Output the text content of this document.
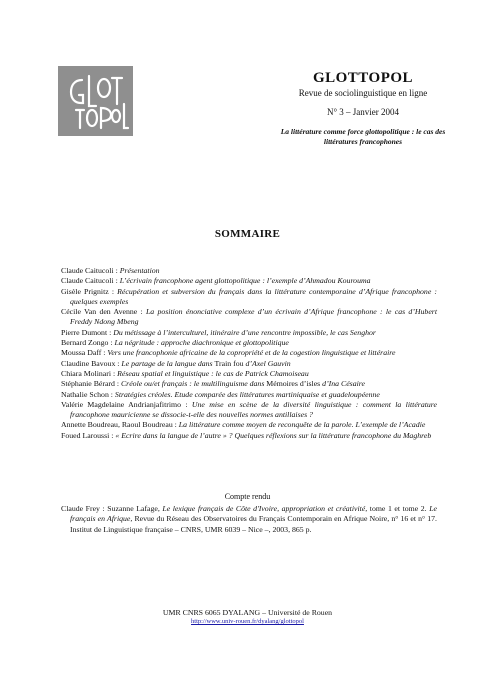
GLOTTOPOL
Revue de sociolinguistique en ligne
N° 3 – Janvier 2004
La littérature comme force glottopolitique : le cas des littératures francophones
SOMMAIRE
Claude Caitucoli : Présentation
Claude Caitucoli : L’écrivain francophone agent glottopolitique : l’exemple d’Ahmadou Kourouma
Gisèle Prignitz : Récupération et subversion du français dans la littérature contemporaine d’Afrique francophone : quelques exemples
Cécile Van den Avenne : La position énonciative complexe d’un écrivain d’Afrique francophone : le cas d’Hubert Freddy Ndong Mbeng
Pierre Dumont : Du métissage à l’interculturel, itinéraire d’une rencontre impossible, le cas Senghor
Bernard Zongo : La négritude : approche diachronique et glottopolitique
Moussa Daff : Vers une francophonie africaine de la copropriété et de la cogestion linguistique et littéraire
Claudine Bavoux : Le partage de la langue dans Train fou d’Axel Gauvin
Chiara Molinari : Réseau spatial et linguistique : le cas de Patrick Chamoiseau
Stéphanie Bérard : Créole ou/et français : le multilinguisme dans Mémoires d’isles d’Ina Césaire
Nathalie Schon : Stratégies créoles. Etude comparée des littératures martiniquaise et guadeloupéenne
Valérie Magdelaine Andrianjafitrimo : Une mise en scène de la diversité linguistique : comment la littérature francophone mauricienne se dissocie-t-elle des nouvelles normes antillaises ?
Annette Boudreau, Raoul Boudreau : La littérature comme moyen de reconquête de la parole. L’exemple de l’Acadie
Foued Laroussi : « Ecrire dans la langue de l’autre » ? Quelques réflexions sur la littérature francophone du Maghreb
Compte rendu
Claude Frey : Suzanne Lafage, Le lexique français de Côte d'Ivoire, appropriation et créativité, tome 1 et tome 2. Le français en Afrique, Revue du Réseau des Observatoires du Français Contemporain en Afrique Noire, n° 16 et n° 17. Institut de Linguistique française – CNRS, UMR 6039 – Nice –, 2003, 865 p.
UMR CNRS 6065 DYALANG – Université de Rouen
http://www.univ-rouen.fr/dyalang/glottopol
